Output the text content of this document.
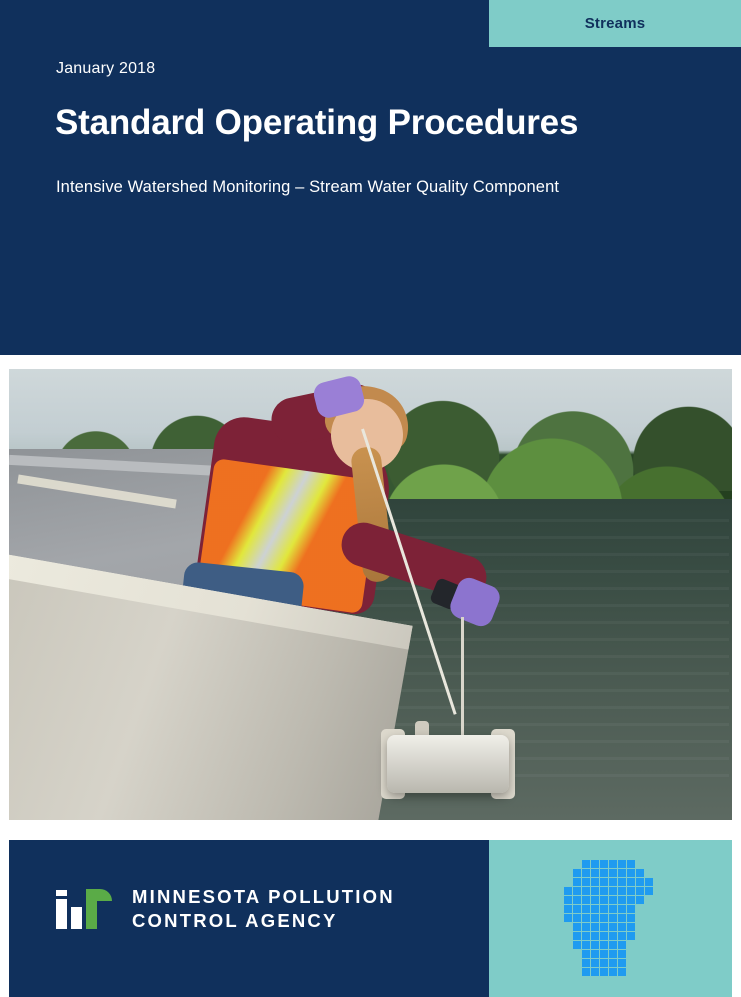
Streams
January 2018
Standard Operating Procedures
Intensive Watershed Monitoring – Stream Water Quality Component
MINNESOTA POLLUTION
CONTROL AGENCY
